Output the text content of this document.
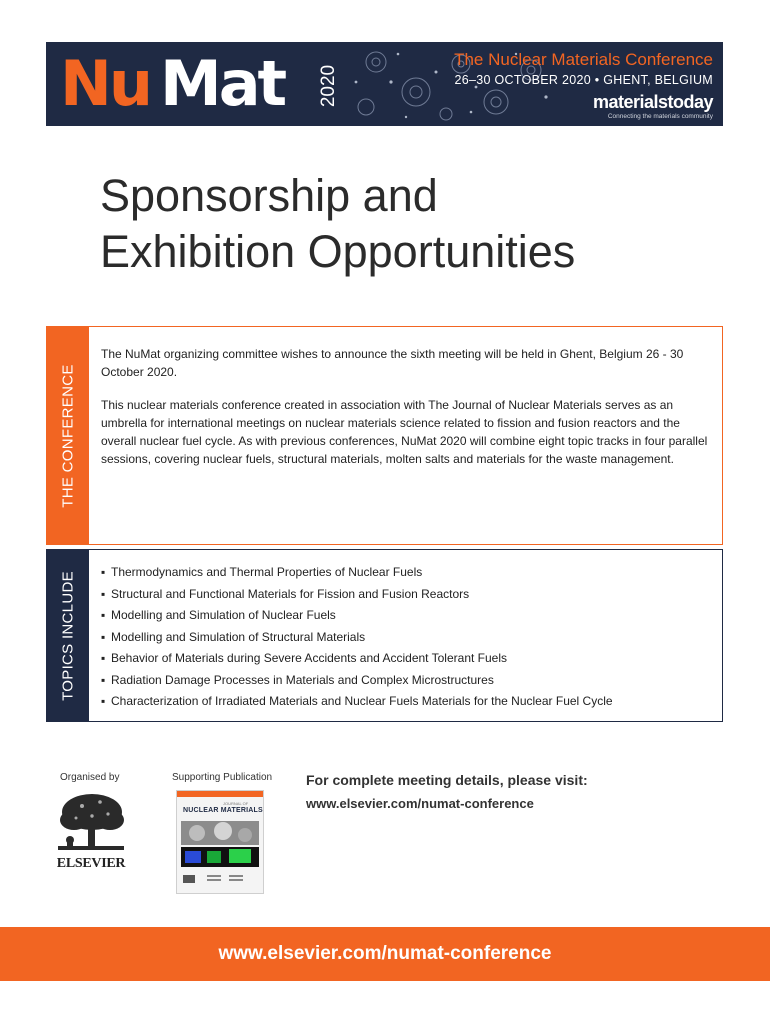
Nu Mat 2020
The Nuclear Materials Conference
26–30 OCTOBER 2020 • GHENT, BELGIUM
materialstoday
Connecting the materials community
Sponsorship and
Exhibition Opportunities
THE CONFERENCE

The NuMat organizing committee wishes to announce the sixth meeting will be held in Ghent, Belgium 26 - 30 October 2020.

This nuclear materials conference created in association with The Journal of Nuclear Materials serves as an umbrella for international meetings on nuclear materials science related to fission and fusion reactors and the overall nuclear fuel cycle. As with previous conferences, NuMat 2020 will combine eight topic tracks in four parallel sessions, covering nuclear fuels, structural materials, molten salts and materials for the waste management.

TOPICS INCLUDE ▪ Thermodynamics and Thermal Properties of Nuclear Fuels
▪ Structural and Functional Materials for Fission and Fusion Reactors
▪ Modelling and Simulation of Nuclear Fuels
▪ Modelling and Simulation of Structural Materials
▪ Behavior of Materials during Severe Accidents and Accident Tolerant Fuels
▪ Radiation Damage Processes in Materials and Complex Microstructures
▪ Characterization of Irradiated Materials and Nuclear Fuels Materials for the Nuclear Fuel Cycle
Organised by	Supporting Publication
ELSEVIER
JOURNAL OF
NUCLEAR MATERIALS
For complete meeting details, please visit:
www.elsevier.com/numat-conference
www.elsevier.com/numat-conference
